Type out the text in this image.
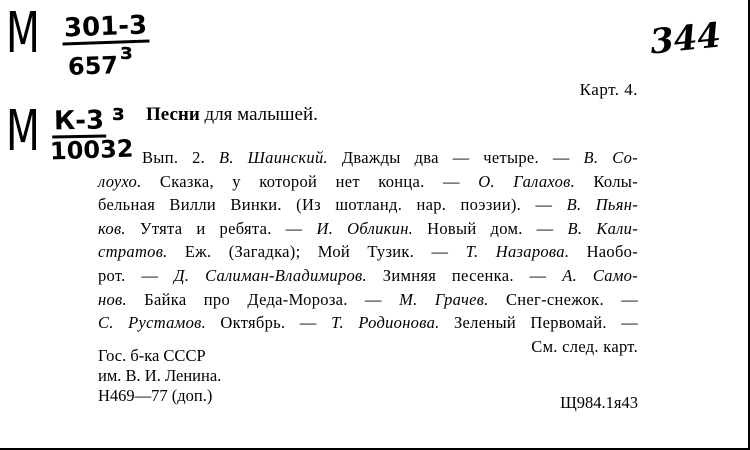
М 301-3
657 з
М К-3
10032
з
344
Карт. 4.
Песни для малышей.
Вып. 2. В. Шаинский. Дважды два — четыре. — В. Со-
лоухо. Сказка, у которой нет конца. — О. Галахов. Колы-
бельная Вилли Винки. (Из шотланд. нар. поэзии). — В. Пьян-
ков. Утята и ребята. — И. Обликин. Новый дом. — В. Кали-
стратов. Еж. (Загадка); Мой Тузик. — Т. Назарова. Наобо-
рот. — Д. Салиман-Владимиров. Зимняя песенка. — А. Само-
нов. Байка про Деда-Мороза. — М. Грачев. Снег-снежок. —
С. Рустамов. Октябрь. — Т. Родионова. Зеленый Первомай. —
См. след. карт.
Гос. б-ка СССР
им. В. И. Ленина.
Н469—77 (доп.)	Щ984.1я43
